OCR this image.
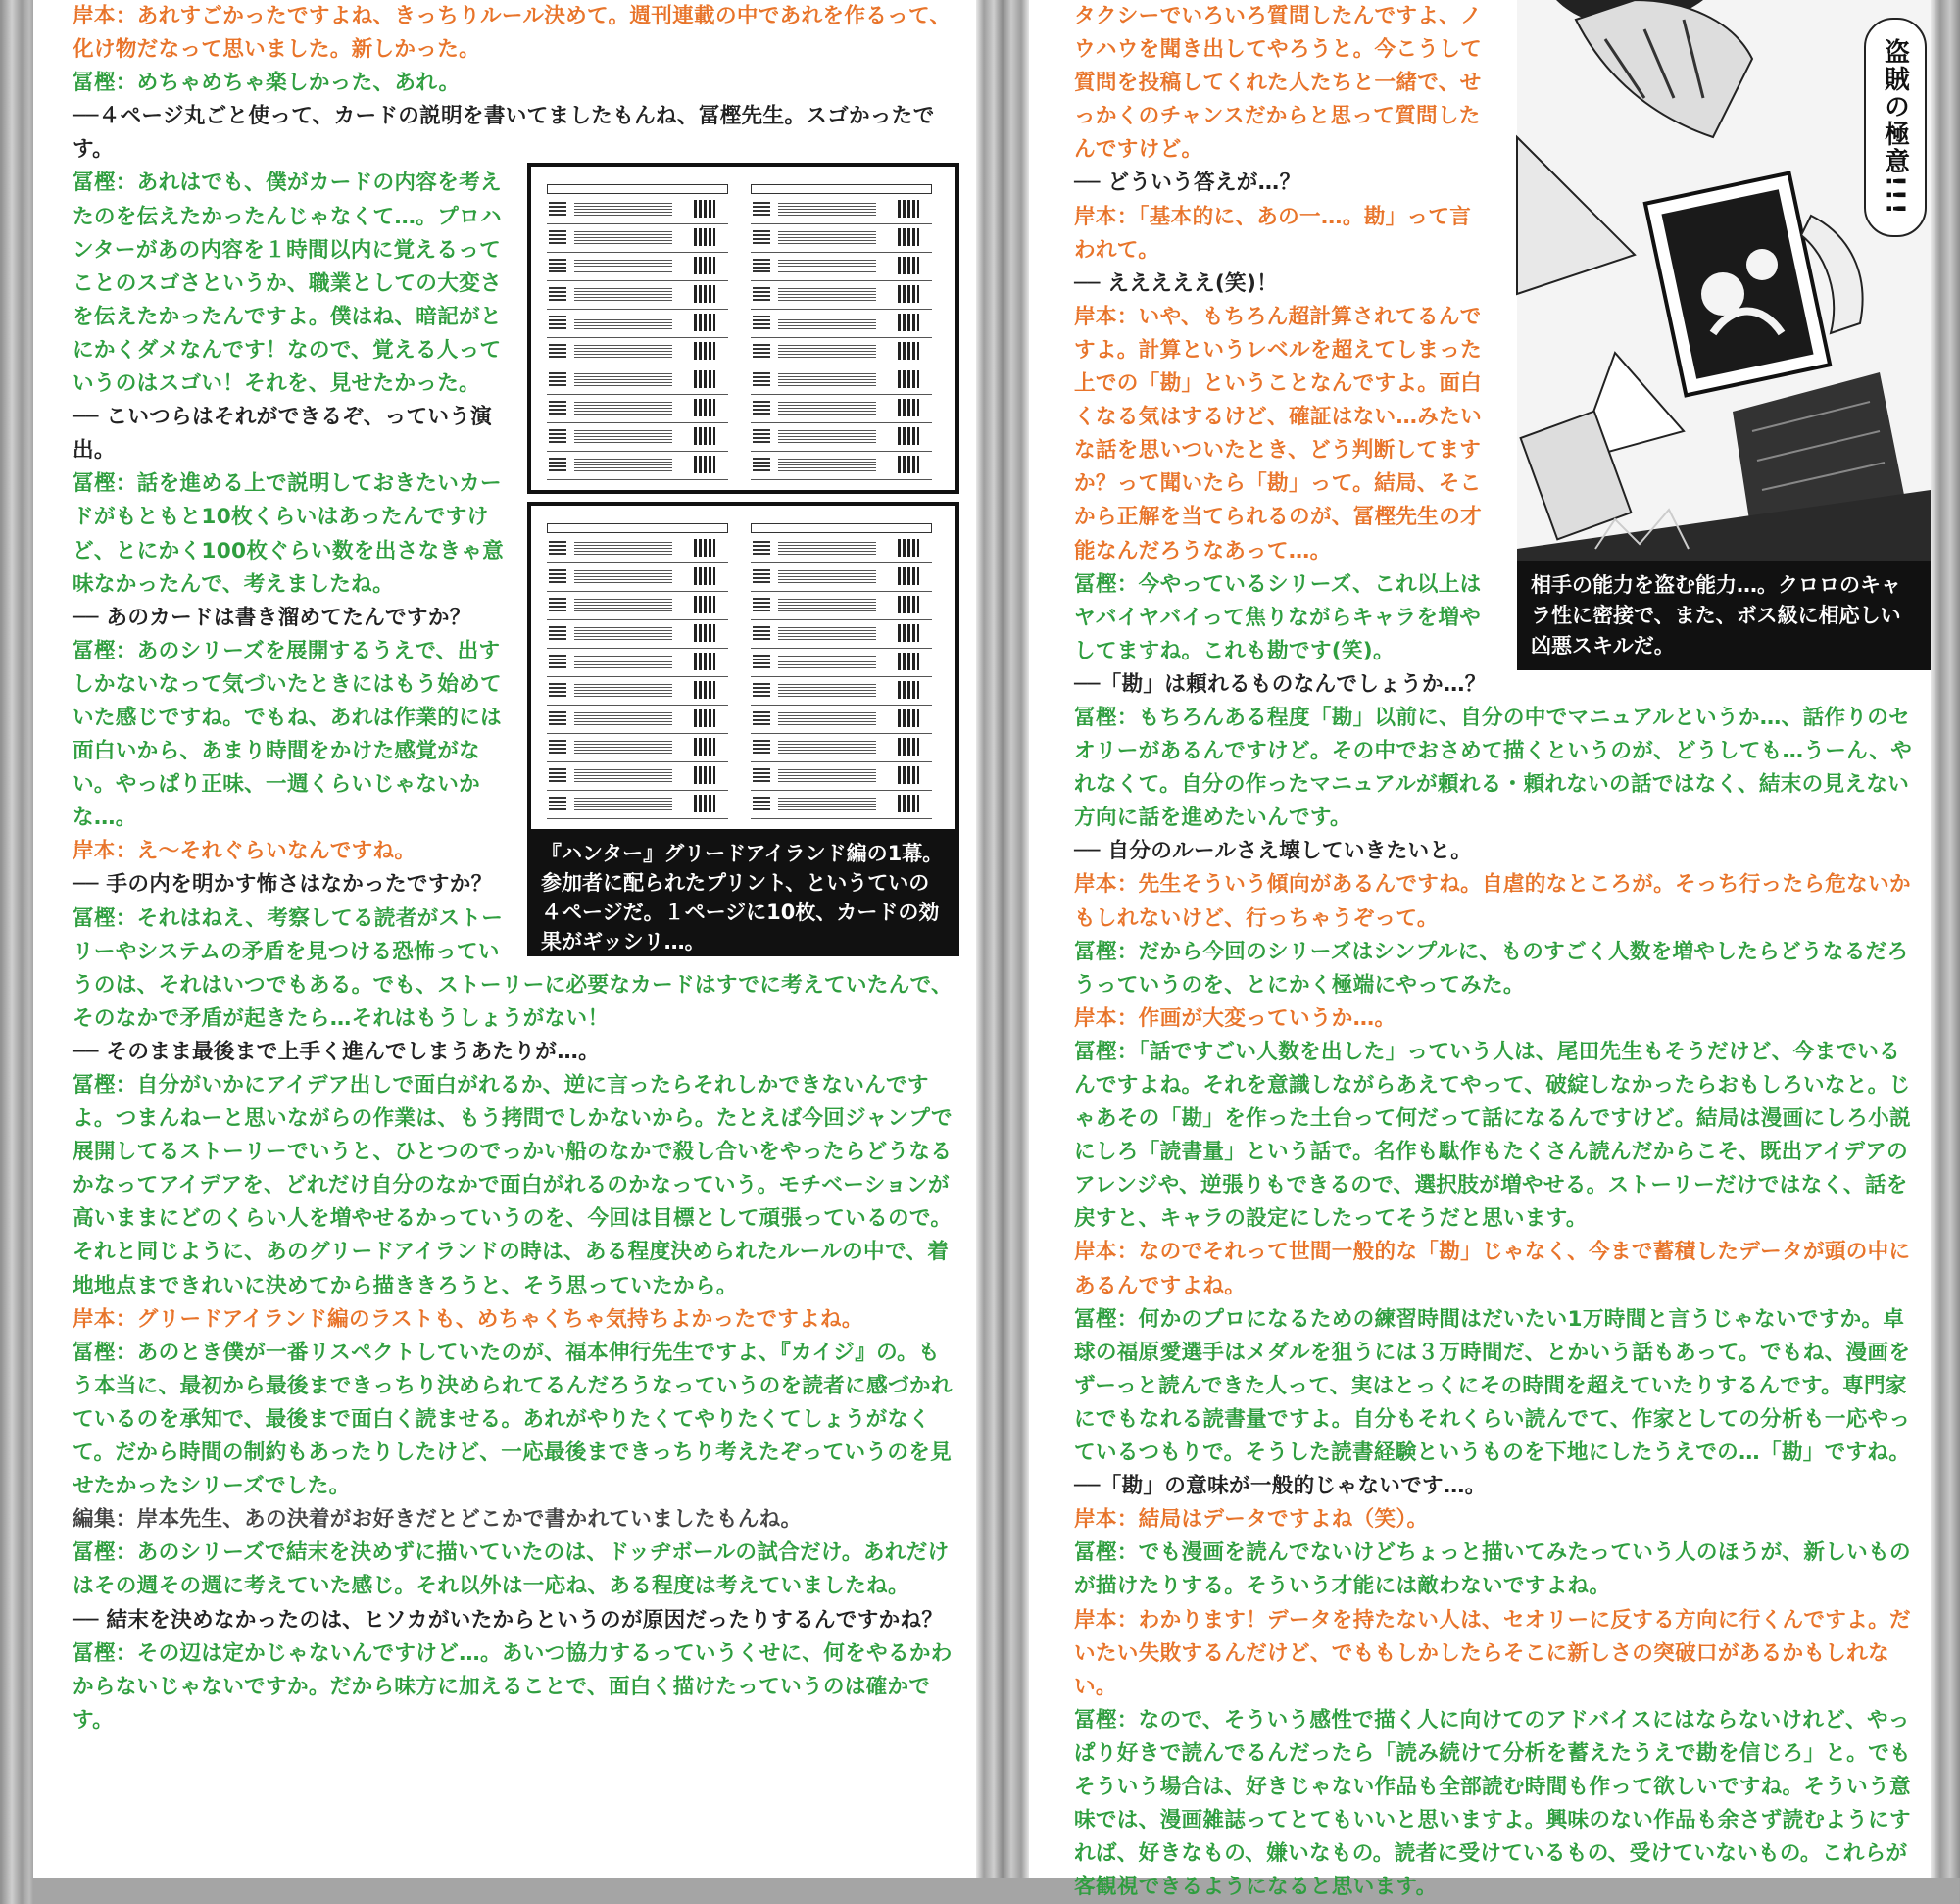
岸本：あれすごかったですよね、きっちりルール決めて。週刊連載の中であれを作るって、化け物だなって思いました。新しかった。

冨樫：めちゃめちゃ楽しかった、あれ。

──４ページ丸ごと使って、カードの説明を書いてましたもんね、冨樫先生。スゴかったです。

『ハンター』グリードアイランド編の1幕。参加者に配られたプリント、というていの４ページだ。１ページに10枚、カードの効果がギッシリ…。

冨樫：あれはでも、僕がカードの内容を考えたのを伝えたかったんじゃなくて…。プロハンターがあの内容を１時間以内に覚えるってことのスゴさというか、職業としての大変さを伝えたかったんですよ。僕はね、暗記がとにかくダメなんです！なので、覚える人っていうのはスゴい！それを、見せたかった。

── こいつらはそれができるぞ、っていう演出。

冨樫：話を進める上で説明しておきたいカードがもともと10枚くらいはあったんですけど、とにかく100枚ぐらい数を出さなきゃ意味なかったんで、考えましたね。

── あのカードは書き溜めてたんですか？

冨樫：あのシリーズを展開するうえで、出すしかないなって気づいたときにはもう始めていた感じですね。でもね、あれは作業的には面白いから、あまり時間をかけた感覚がない。やっぱり正味、一週くらいじゃないかな…。

岸本：え～それぐらいなんですね。

── 手の内を明かす怖さはなかったですか？

冨樫：それはねえ、考察してる読者がストーリーやシステムの矛盾を見つける恐怖っていうのは、それはいつでもある。でも、ストーリーに必要なカードはすでに考えていたんで、そのなかで矛盾が起きたら…それはもうしょうがない！

── そのまま最後まで上手く進んでしまうあたりが…。

冨樫：自分がいかにアイデア出しで面白がれるか、逆に言ったらそれしかできないんですよ。つまんねーと思いながらの作業は、もう拷問でしかないから。たとえば今回ジャンプで展開してるストーリーでいうと、ひとつのでっかい船のなかで殺し合いをやったらどうなるかなってアイデアを、どれだけ自分のなかで面白がれるのかなっていう。モチベーションが高いままにどのくらい人を増やせるかっていうのを、今回は目標として頑張っているので。それと同じように、あのグリードアイランドの時は、ある程度決められたルールの中で、着地地点まできれいに決めてから描ききろうと、そう思っていたから。

岸本：グリードアイランド編のラストも、めちゃくちゃ気持ちよかったですよね。

冨樫：あのとき僕が一番リスペクトしていたのが、福本伸行先生ですよ、『カイジ』の。もう本当に、最初から最後まできっちり決められてるんだろうなっていうのを読者に感づかれているのを承知で、最後まで面白く読ませる。あれがやりたくてやりたくてしょうがなくて。だから時間の制約もあったりしたけど、一応最後まできっちり考えたぞっていうのを見せたかったシリーズでした。

編集：岸本先生、あの決着がお好きだとどこかで書かれていましたもんね。

冨樫：あのシリーズで結末を決めずに描いていたのは、ドッヂボールの試合だけ。あれだけはその週その週に考えていた感じ。それ以外は一応ね、ある程度は考えていましたね。

── 結末を決めなかったのは、ヒソカがいたからというのが原因だったりするんですかね？

冨樫：その辺は定かじゃないんですけど…。あいつ協力するっていうくせに、何をやるかわからないじゃないですか。だから味方に加えることで、面白く描けたっていうのは確かです。

盗賊の極意!!!
相手の能力を盗む能力…。クロロのキャラ性に密接で、また、ボス級に相応しい凶悪スキルだ。

タクシーでいろいろ質問したんですよ、ノウハウを聞き出してやろうと。今こうして質問を投稿してくれた人たちと一緒で、せっかくのチャンスだからと思って質問したんですけど。

── どういう答えが…？

岸本：「基本的に、あの一…。勘」って言われて。

── えええええ(笑)！

岸本：いや、もちろん超計算されてるんですよ。計算というレベルを超えてしまった上での「勘」ということなんですよ。面白くなる気はするけど、確証はない…みたいな話を思いついたとき、どう判断してますか？って聞いたら「勘」って。結局、そこから正解を当てられるのが、冨樫先生の才能なんだろうなあって…。

冨樫：今やっているシリーズ、これ以上はヤバイヤバイって焦りながらキャラを増やしてますね。これも勘です(笑)。

──「勘」は頼れるものなんでしょうか…？

冨樫：もちろんある程度「勘」以前に、自分の中でマニュアルというか…、話作りのセオリーがあるんですけど。その中でおさめて描くというのが、どうしても…うーん、やれなくて。自分の作ったマニュアルが頼れる・頼れないの話ではなく、結末の見えない方向に話を進めたいんです。

── 自分のルールさえ壊していきたいと。

岸本：先生そういう傾向があるんですね。自虐的なところが。そっち行ったら危ないかもしれないけど、行っちゃうぞって。

冨樫：だから今回のシリーズはシンプルに、ものすごく人数を増やしたらどうなるだろうっていうのを、とにかく極端にやってみた。

岸本：作画が大変っていうか…。

冨樫：「話ですごい人数を出した」っていう人は、尾田先生もそうだけど、今までいるんですよね。それを意識しながらあえてやって、破綻しなかったらおもしろいなと。じゃあその「勘」を作った土台って何だって話になるんですけど。結局は漫画にしろ小説にしろ「読書量」という話で。名作も駄作もたくさん読んだからこそ、既出アイデアのアレンジや、逆張りもできるので、選択肢が増やせる。ストーリーだけではなく、話を戻すと、キャラの設定にしたってそうだと思います。

岸本：なのでそれって世間一般的な「勘」じゃなく、今まで蓄積したデータが頭の中にあるんですよね。

冨樫：何かのプロになるための練習時間はだいたい1万時間と言うじゃないですか。卓球の福原愛選手はメダルを狙うには３万時間だ、とかいう話もあって。でもね、漫画をずーっと読んできた人って、実はとっくにその時間を超えていたりするんです。専門家にでもなれる読書量ですよ。自分もそれくらい読んでて、作家としての分析も一応やっているつもりで。そうした読書経験というものを下地にしたうえでの…「勘」ですね。

──「勘」の意味が一般的じゃないです…。

岸本：結局はデータですよね（笑）。

冨樫：でも漫画を読んでないけどちょっと描いてみたっていう人のほうが、新しいものが描けたりする。そういう才能には敵わないですよね。

岸本：わかります！データを持たない人は、セオリーに反する方向に行くんですよ。だいたい失敗するんだけど、でももしかしたらそこに新しさの突破口があるかもしれない。

冨樫：なので、そういう感性で描く人に向けてのアドバイスにはならないけれど、やっぱり好きで読んでるんだったら「読み続けて分析を蓄えたうえで勘を信じろ」と。でもそういう場合は、好きじゃない作品も全部読む時間も作って欲しいですね。そういう意味では、漫画雑誌ってとてもいいと思いますよ。興味のない作品も余さず読むようにすれば、好きなもの、嫌いなもの。読者に受けているもの、受けていないもの。これらが客観視できるようになると思います。
